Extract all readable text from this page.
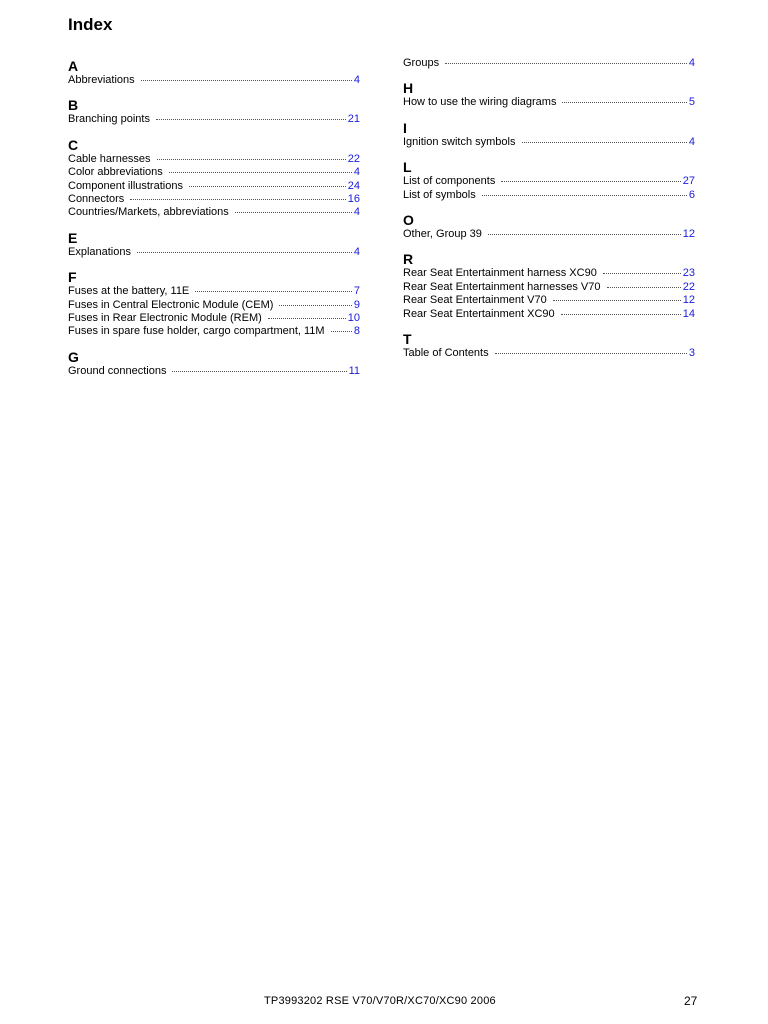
Index
A
Abbreviations	4
B
Branching points	21
C
Cable harnesses	22
Color abbreviations	4
Component illustrations	24
Connectors	16
Countries/Markets, abbreviations	4
E
Explanations	4
F
Fuses at the battery, 11E	7
Fuses in Central Electronic Module (CEM)	9
Fuses in Rear Electronic Module (REM)	10
Fuses in spare fuse holder, cargo compartment, 11M	8
G
Ground connections	11
Groups	4
H
How to use the wiring diagrams	5
I
Ignition switch symbols	4
L
List of components	27
List of symbols	6
O
Other, Group 39	12
R
Rear Seat Entertainment harness XC90	23
Rear Seat Entertainment harnesses V70	22
Rear Seat Entertainment V70	12
Rear Seat Entertainment XC90	14
T
Table of Contents	3
TP3993202 RSE V70/V70R/XC70/XC90 2006	27
